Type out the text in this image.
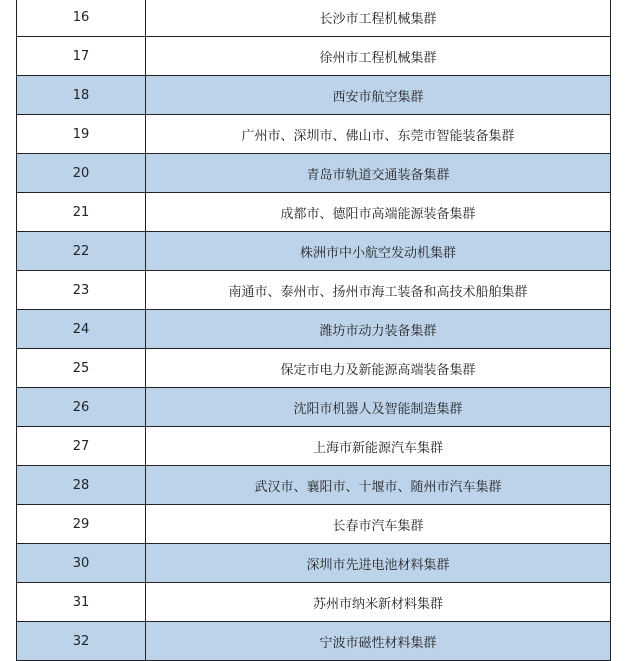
16	长沙市工程机械集群
17	徐州市工程机械集群
18	西安市航空集群
19	广州市、深圳市、佛山市、东莞市智能装备集群
20	青岛市轨道交通装备集群
21	成都市、德阳市高端能源装备集群
22	株洲市中小航空发动机集群
23	南通市、泰州市、扬州市海工装备和高技术船舶集群
24	潍坊市动力装备集群
25	保定市电力及新能源高端装备集群
26	沈阳市机器人及智能制造集群
27	上海市新能源汽车集群
28	武汉市、襄阳市、十堰市、随州市汽车集群
29	长春市汽车集群
30	深圳市先进电池材料集群
31	苏州市纳米新材料集群
32	宁波市磁性材料集群
